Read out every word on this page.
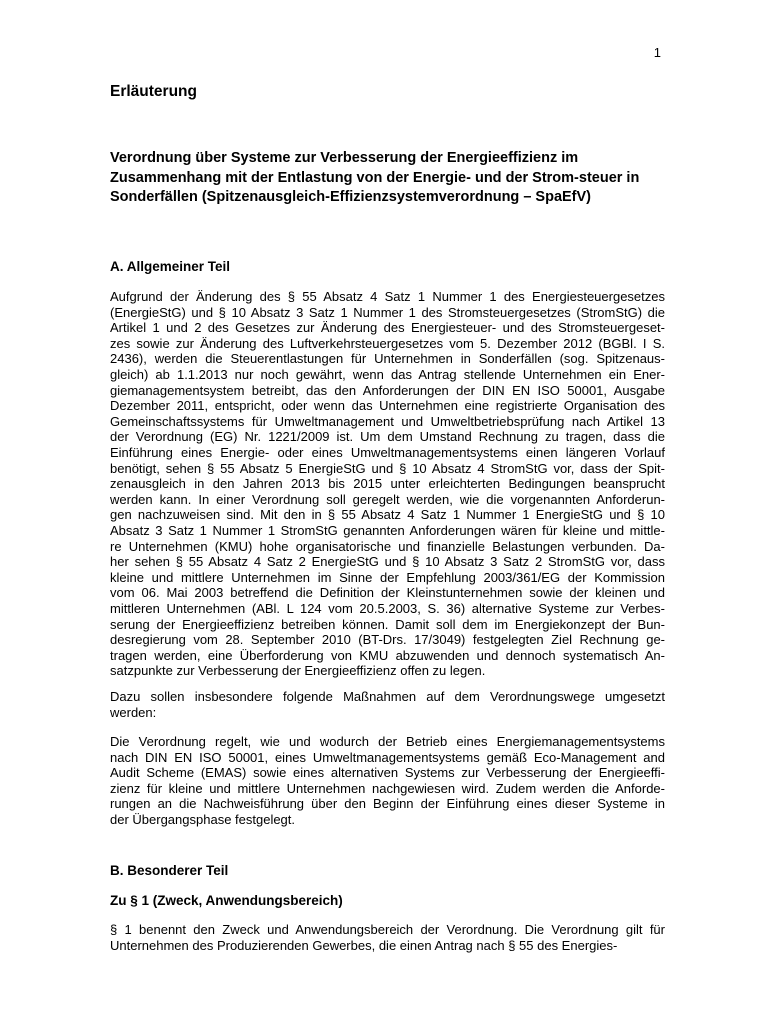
1
Erläuterung
Verordnung über Systeme zur Verbesserung der Energieeffizienz im Zusammenhang mit der Entlastung von der Energie- und der Strom-steuer in Sonderfällen (Spitzenausgleich-Effizienzsystemverordnung – SpaEfV)
A. Allgemeiner Teil
Aufgrund der Änderung des § 55 Absatz 4 Satz 1 Nummer 1 des Energiesteuergesetzes
(EnergieStG) und § 10 Absatz 3 Satz 1 Nummer 1 des Stromsteuergesetzes (StromStG) die
Artikel 1 und 2 des Gesetzes zur Änderung des Energiesteuer- und des Stromsteuergeset-
zes sowie zur Änderung des Luftverkehrsteuergesetzes vom 5. Dezember 2012 (BGBl. I S.
2436), werden die Steuerentlastungen für Unternehmen in Sonderfällen (sog. Spitzenaus-
gleich) ab 1.1.2013 nur noch gewährt, wenn das Antrag stellende Unternehmen ein Ener-
giemanagementsystem betreibt, das den Anforderungen der DIN EN ISO 50001, Ausgabe
Dezember 2011, entspricht, oder wenn das Unternehmen eine registrierte Organisation des
Gemeinschaftssystems für Umweltmanagement und Umweltbetriebsprüfung nach Artikel 13
der Verordnung (EG) Nr. 1221/2009 ist. Um dem Umstand Rechnung zu tragen, dass die
Einführung eines Energie- oder eines Umweltmanagementsystems einen längeren Vorlauf
benötigt, sehen § 55 Absatz 5 EnergieStG und § 10 Absatz 4 StromStG vor, dass der Spit-
zenausgleich in den Jahren 2013 bis 2015 unter erleichterten Bedingungen beansprucht
werden kann. In einer Verordnung soll geregelt werden, wie die vorgenannten Anforderun-
gen nachzuweisen sind. Mit den in § 55 Absatz 4 Satz 1 Nummer 1 EnergieStG und § 10
Absatz 3 Satz 1 Nummer 1 StromStG genannten Anforderungen wären für kleine und mittle-
re Unternehmen (KMU) hohe organisatorische und finanzielle Belastungen verbunden. Da-
her sehen § 55 Absatz 4 Satz 2 EnergieStG und § 10 Absatz 3 Satz 2 StromStG vor, dass
kleine und mittlere Unternehmen im Sinne der Empfehlung 2003/361/EG der Kommission
vom 06. Mai 2003 betreffend die Definition der Kleinstunternehmen sowie der kleinen und
mittleren Unternehmen (ABl. L 124 vom 20.5.2003, S. 36) alternative Systeme zur Verbes-
serung der Energieeffizienz betreiben können. Damit soll dem im Energiekonzept der Bun-
desregierung vom 28. September 2010 (BT-Drs. 17/3049) festgelegten Ziel Rechnung ge-
tragen werden, eine Überforderung von KMU abzuwenden und dennoch systematisch An-
satzpunkte zur Verbesserung der Energieeffizienz offen zu legen.
Dazu sollen insbesondere folgende Maßnahmen auf dem Verordnungswege umgesetzt
werden:
Die Verordnung regelt, wie und wodurch der Betrieb eines Energiemanagementsystems
nach DIN EN ISO 50001, eines Umweltmanagementsystems gemäß Eco-Management and
Audit Scheme (EMAS) sowie eines alternativen Systems zur Verbesserung der Energieeffi-
zienz für kleine und mittlere Unternehmen nachgewiesen wird. Zudem werden die Anforde-
rungen an die Nachweisführung über den Beginn der Einführung eines dieser Systeme in
der Übergangsphase festgelegt.
B. Besonderer Teil
Zu § 1 (Zweck, Anwendungsbereich)
§ 1 benennt den Zweck und Anwendungsbereich der Verordnung. Die Verordnung gilt für
Unternehmen des Produzierenden Gewerbes, die einen Antrag nach § 55 des Energies-
